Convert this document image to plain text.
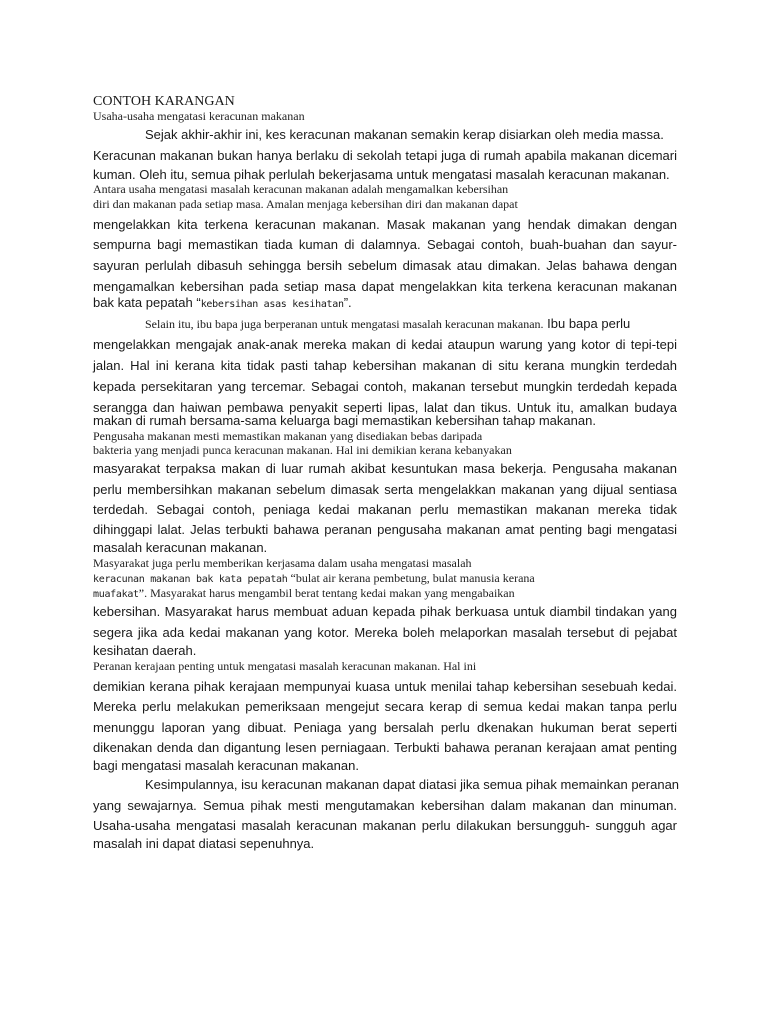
CONTOH KARANGAN

Usaha-usaha mengatasi keracunan makanan

Sejak akhir-akhir ini, kes keracunan makanan semakin kerap disiarkan oleh media massa.

Keracunan makanan bukan hanya berlaku di sekolah tetapi juga di rumah apabila makanan dicemari

kuman. Oleh itu, semua pihak perlulah bekerjasama untuk mengatasi masalah keracunan makanan.

Antara usaha mengatasi masalah keracunan makanan adalah mengamalkan kebersihan

diri dan makanan pada setiap masa. Amalan menjaga kebersihan diri dan makanan dapat

mengelakkan kita terkena keracunan makanan. Masak makanan yang hendak dimakan dengan

sempurna bagi memastikan tiada kuman di dalamnya. Sebagai contoh, buah-buahan dan sayur-

sayuran perlulah dibasuh sehingga bersih sebelum dimasak atau dimakan. Jelas bahawa dengan

mengamalkan kebersihan pada setiap masa dapat mengelakkan kita terkena keracunan makanan

bak kata pepatah “kebersihan asas kesihatan”.

Selain itu, ibu bapa juga berperanan untuk mengatasi masalah keracunan makanan. Ibu bapa perlu

mengelakkan mengajak anak-anak mereka makan di kedai ataupun warung yang kotor di tepi-tepi

jalan. Hal ini kerana kita tidak pasti tahap kebersihan makanan di situ kerana mungkin terdedah

kepada persekitaran yang tercemar. Sebagai contoh, makanan tersebut mungkin terdedah kepada

serangga dan haiwan pembawa penyakit seperti lipas, lalat dan tikus. Untuk itu, amalkan budaya

makan di rumah bersama-sama keluarga bagi memastikan kebersihan tahap makanan.

Pengusaha makanan mesti memastikan makanan yang disediakan bebas daripada

bakteria yang menjadi punca keracunan makanan. Hal ini demikian kerana kebanyakan

masyarakat terpaksa makan di luar rumah akibat kesuntukan masa bekerja. Pengusaha makanan

perlu membersihkan makanan sebelum dimasak serta mengelakkan makanan yang dijual sentiasa

terdedah. Sebagai contoh, peniaga kedai makanan perlu memastikan makanan mereka tidak

dihinggapi lalat. Jelas terbukti bahawa peranan pengusaha makanan amat penting bagi mengatasi

masalah keracunan makanan.

Masyarakat juga perlu memberikan kerjasama dalam usaha mengatasi masalah

keracunan makanan bak kata pepatah “bulat air kerana pembetung, bulat manusia kerana

muafakat”. Masyarakat harus mengambil berat tentang kedai makan yang mengabaikan

kebersihan. Masyarakat harus membuat aduan kepada pihak berkuasa untuk diambil tindakan yang

segera jika ada kedai makanan yang kotor. Mereka boleh melaporkan masalah tersebut di pejabat

kesihatan daerah.

Peranan kerajaan penting untuk mengatasi masalah keracunan makanan. Hal ini

demikian kerana pihak kerajaan mempunyai kuasa untuk menilai tahap kebersihan sesebuah kedai.

Mereka perlu melakukan pemeriksaan mengejut secara kerap di semua kedai makan tanpa perlu

menunggu laporan yang dibuat. Peniaga yang bersalah perlu dkenakan hukuman berat seperti

dikenakan denda dan digantung lesen perniagaan. Terbukti bahawa peranan kerajaan amat penting

bagi mengatasi masalah keracunan makanan.

Kesimpulannya, isu keracunan makanan dapat diatasi jika semua pihak memainkan peranan

yang sewajarnya. Semua pihak mesti mengutamakan kebersihan dalam makanan dan minuman.

Usaha-usaha mengatasi masalah keracunan makanan perlu dilakukan bersungguh- sungguh agar

masalah ini dapat diatasi sepenuhnya.
